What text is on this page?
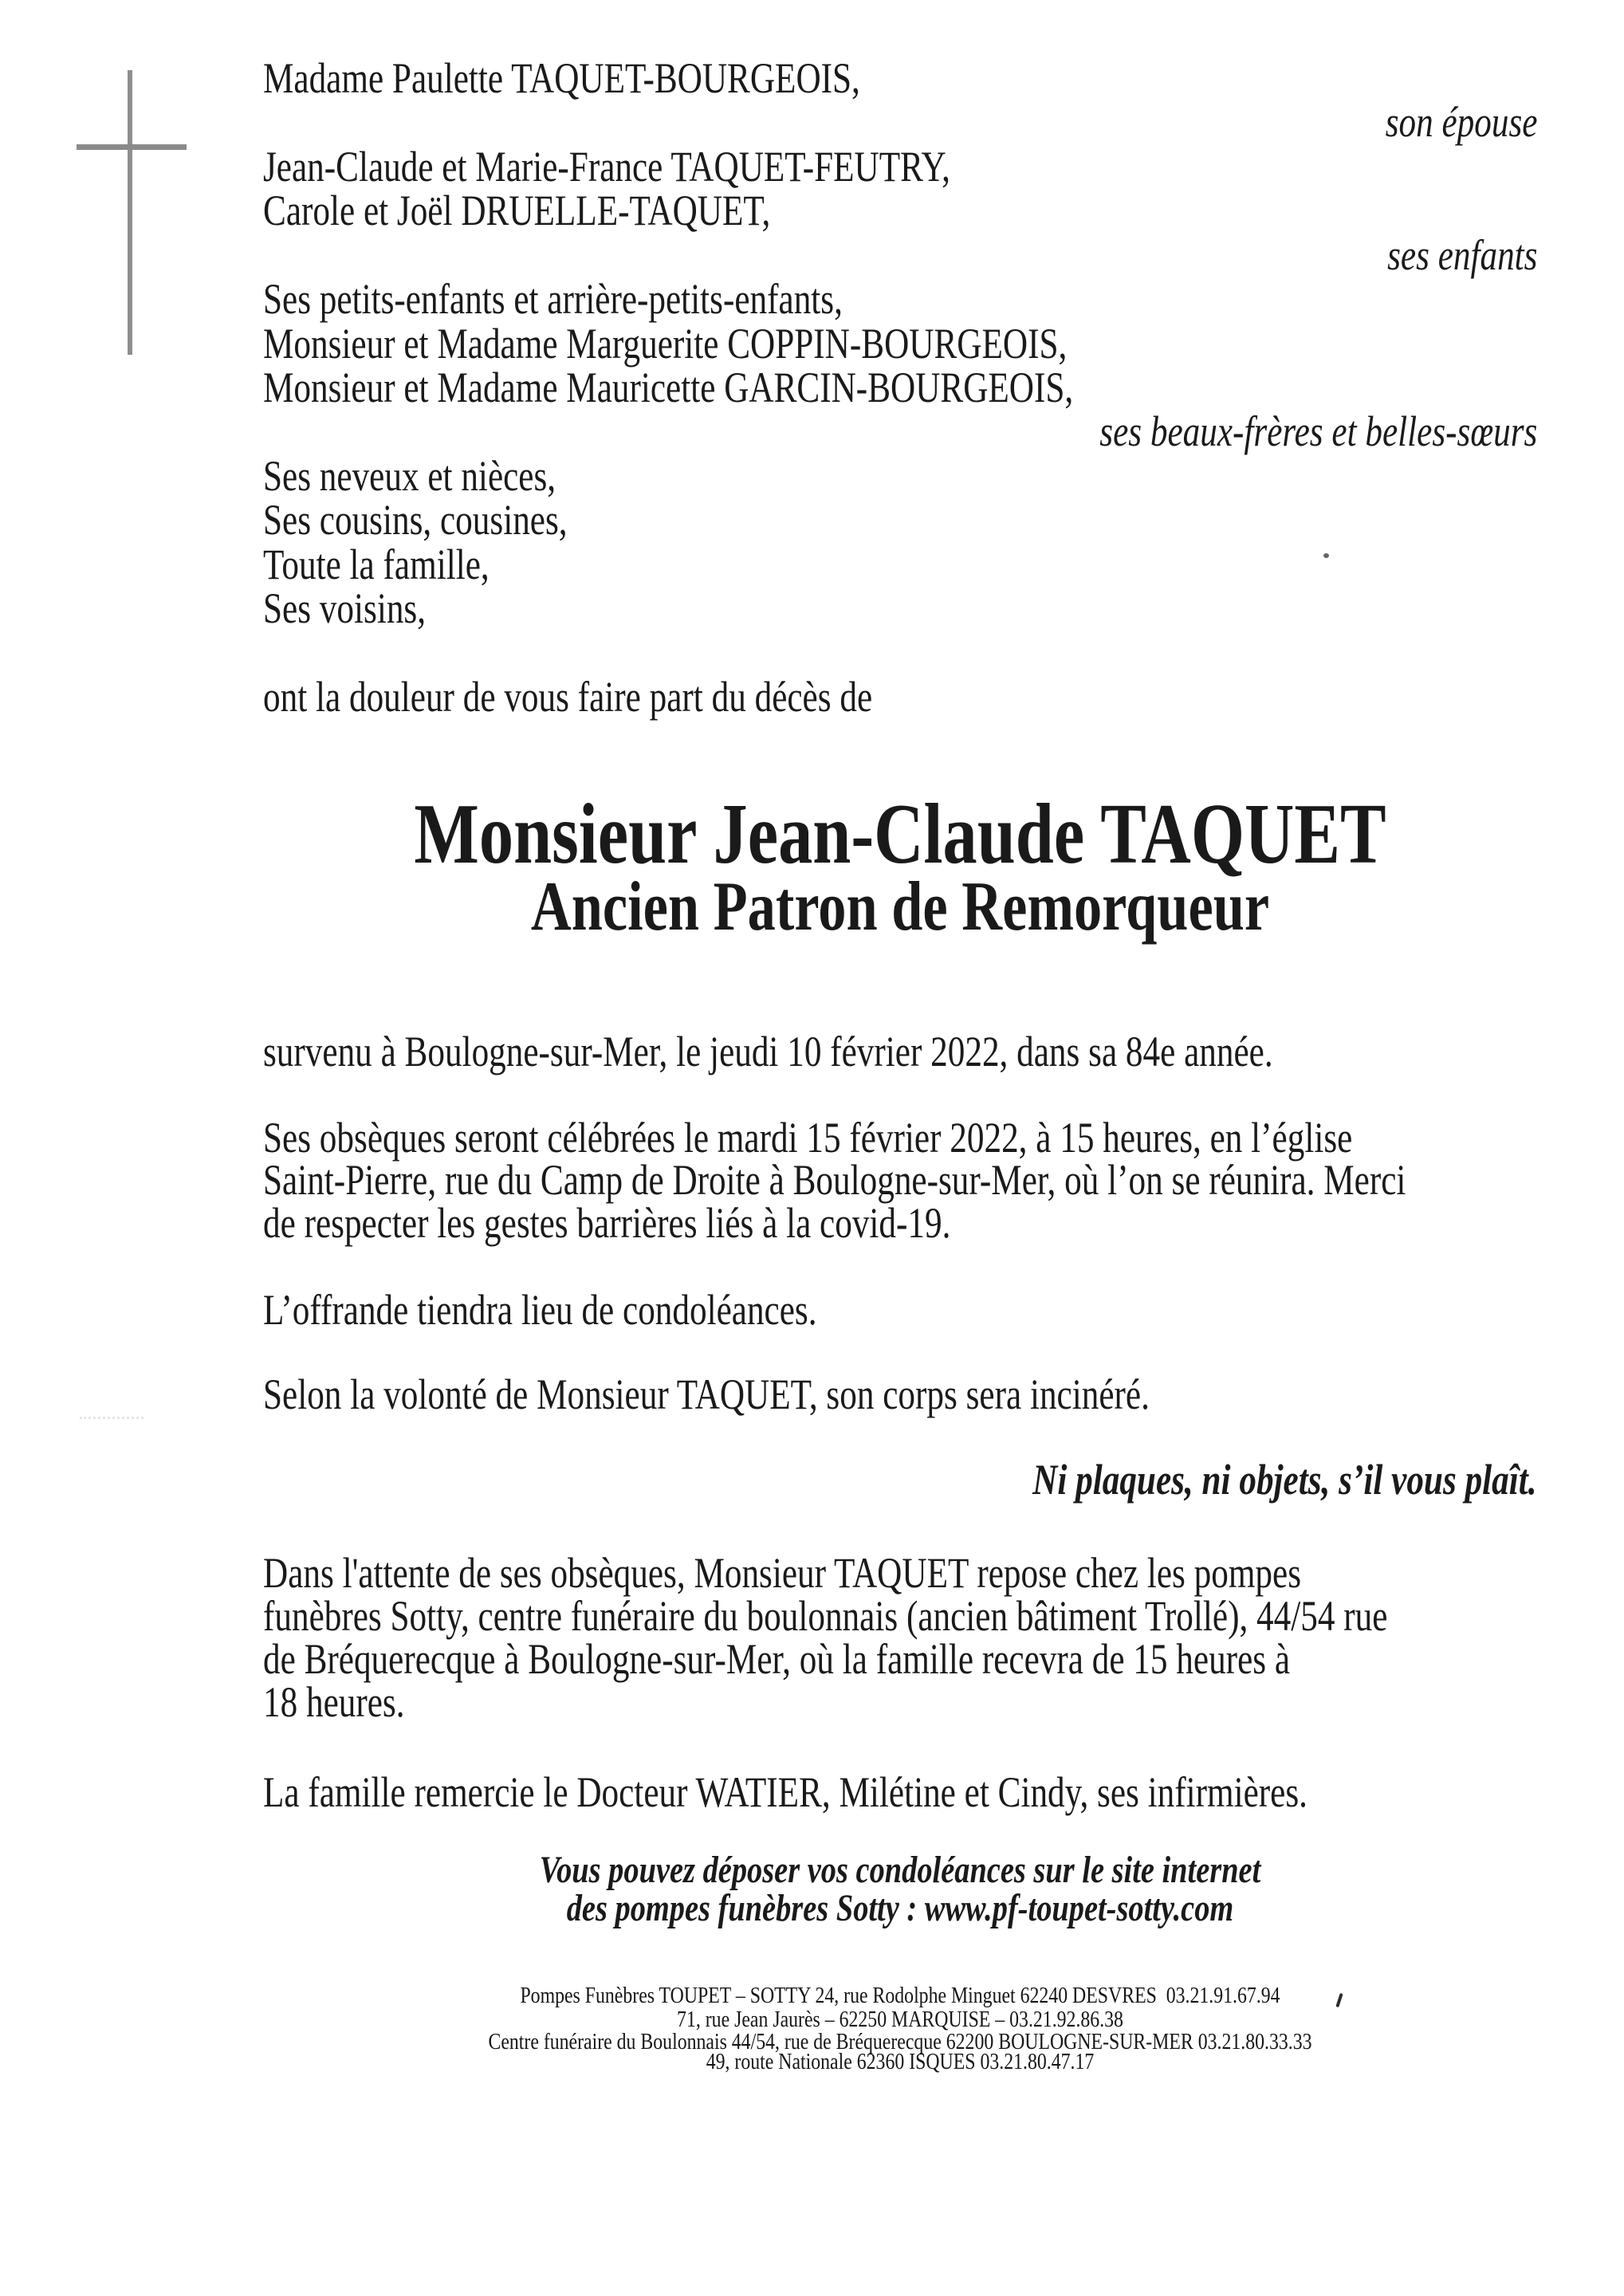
Madame Paulette TAQUET-BOURGEOIS,
son épouse
Jean-Claude et Marie-France TAQUET-FEUTRY,
Carole et Joël DRUELLE-TAQUET,
ses enfants
Ses petits-enfants et arrière-petits-enfants,
Monsieur et Madame Marguerite COPPIN-BOURGEOIS,
Monsieur et Madame Mauricette GARCIN-BOURGEOIS,
ses beaux-frères et belles-sœurs
Ses neveux et nièces,
Ses cousins, cousines,
Toute la famille,
Ses voisins,
ont la douleur de vous faire part du décès de
Monsieur Jean-Claude TAQUET
Ancien Patron de Remorqueur
survenu à Boulogne-sur-Mer, le jeudi 10 février 2022, dans sa 84e année.
Ses obsèques seront célébrées le mardi 15 février 2022, à 15 heures, en l’église
Saint-Pierre, rue du Camp de Droite à Boulogne-sur-Mer, où l’on se réunira. Merci
de respecter les gestes barrières liés à la covid-19.
L’offrande tiendra lieu de condoléances.
Selon la volonté de Monsieur TAQUET, son corps sera incinéré.
Ni plaques, ni objets, s’il vous plaît.
Dans l'attente de ses obsèques, Monsieur TAQUET repose chez les pompes
funèbres Sotty, centre funéraire du boulonnais (ancien bâtiment Trollé), 44/54 rue
de Bréquerecque à Boulogne-sur-Mer, où la famille recevra de 15 heures à
18 heures.
La famille remercie le Docteur WATIER, Milétine et Cindy, ses infirmières.
Vous pouvez déposer vos condoléances sur le site internet
des pompes funèbres Sotty : www.pf-toupet-sotty.com
Pompes Funèbres TOUPET – SOTTY 24, rue Rodolphe Minguet 62240 DESVRES  03.21.91.67.94
71, rue Jean Jaurès – 62250 MARQUISE – 03.21.92.86.38
Centre funéraire du Boulonnais 44/54, rue de Bréquerecque 62200 BOULOGNE-SUR-MER 03.21.80.33.33
49, route Nationale 62360 ISQUES 03.21.80.47.17
